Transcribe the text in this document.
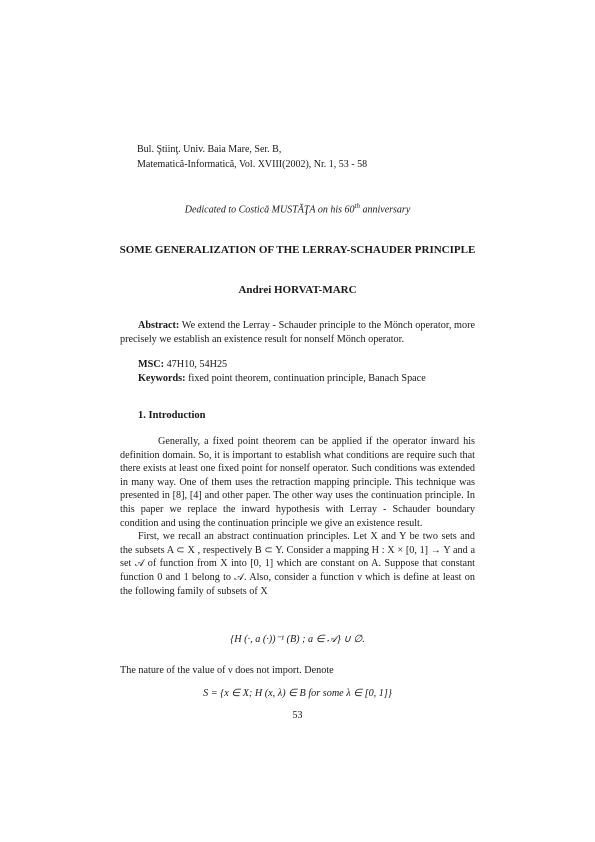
Bul. Ştiinţ. Univ. Baia Mare, Ser. B,
Matematică-Informatică, Vol. XVIII(2002), Nr. 1, 53 - 58
Dedicated to Costică MUSTĂŢA on his 60th anniversary
SOME GENERALIZATION OF THE LERRAY-SCHAUDER PRINCIPLE
Andrei HORVAT-MARC
Abstract: We extend the Lerray - Schauder principle to the Mönch operator, more precisely we establish an existence result for nonself Mönch operator.
MSC: 47H10, 54H25
Keywords: fixed point theorem, continuation principle, Banach Space
1. Introduction

Generally, a fixed point theorem can be applied if the operator inward his definition domain. So, it is important to establish what conditions are require such that there exists at least one fixed point for nonself operator. Such conditions was extended in many way. One of them uses the retraction mapping principle. This technique was presented in [8], [4] and other paper. The other way uses the continuation principle. In this paper we replace the inward hypothesis with Lerray - Schauder boundary condition and using the continuation principle we give an existence result.

First, we recall an abstract continuation principles. Let X and Y be two sets and the subsets A ⊂ X , respectively B ⊂ Y. Consider a mapping H : X × [0, 1] → Y and a set 𝒜 of function from X into [0, 1] which are constant on A. Suppose that constant function 0 and 1 belong to 𝒜. Also, consider a function ν which is define at least on the following family of subsets of X

{H (·, a (·))⁻¹ (B) ; a ∈ 𝒜} ∪ ∅.
The nature of the value of ν does not import. Denote
S = {x ∈ X; H (x, λ) ∈ B for some λ ∈ [0, 1]}
53
